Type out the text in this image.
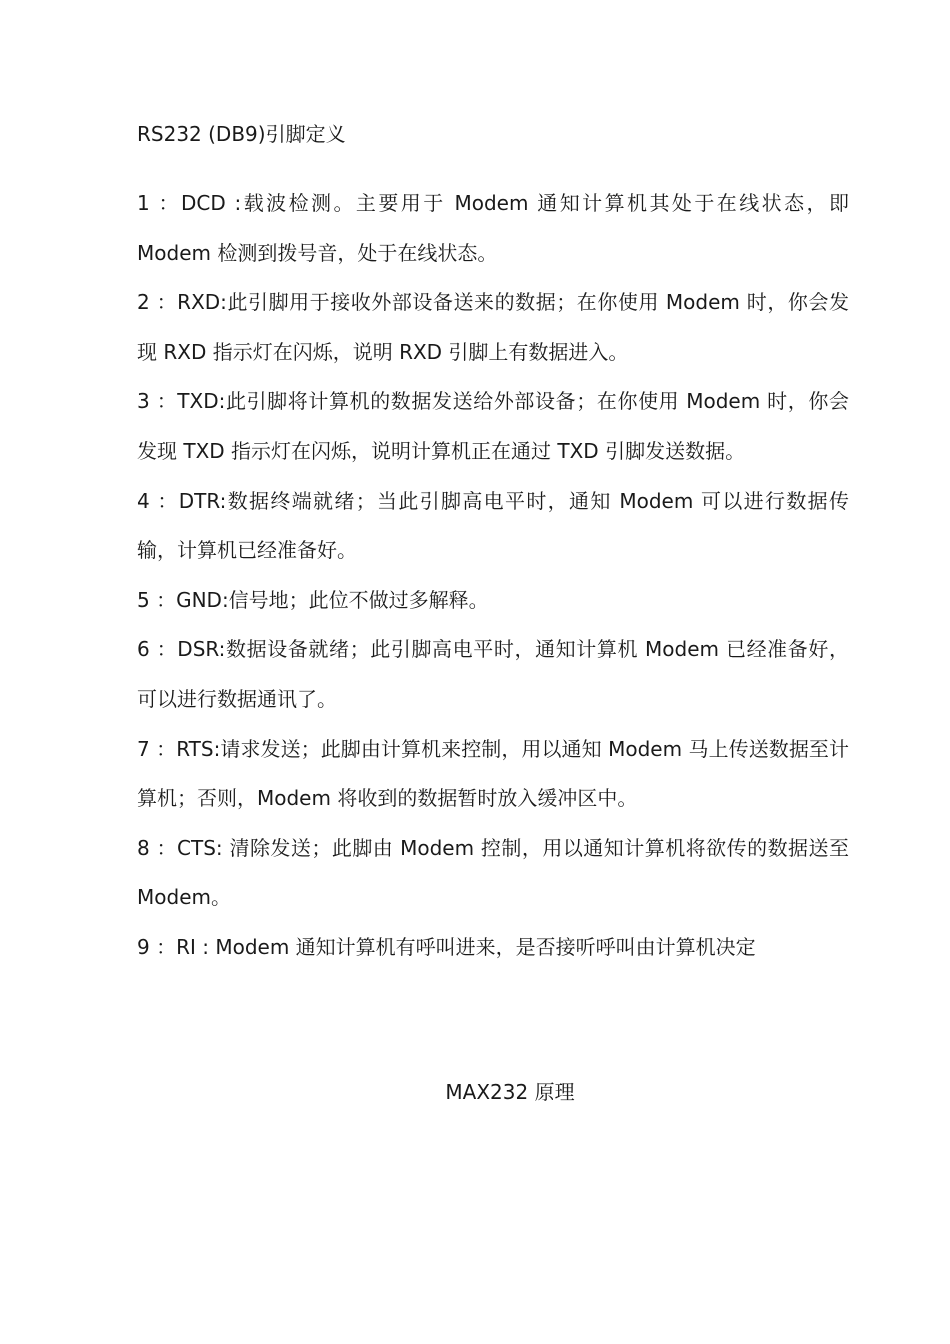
RS232 (DB9)引脚定义
1 ：DCD :载波检测。主要用于 Modem 通知计算机其处于在线状态，即 Modem 检测到拨号音，处于在线状态。
2 ：RXD:此引脚用于接收外部设备送来的数据；在你使用 Modem 时，你会发现 RXD 指示灯在闪烁，说明 RXD 引脚上有数据进入。
3 ：TXD:此引脚将计算机的数据发送给外部设备；在你使用 Modem 时，你会发现 TXD 指示灯在闪烁，说明计算机正在通过 TXD 引脚发送数据。
4 ：DTR:数据终端就绪；当此引脚高电平时，通知 Modem 可以进行数据传输，计算机已经准备好。
5 ：GND:信号地；此位不做过多解释。
6 ：DSR:数据设备就绪；此引脚高电平时，通知计算机 Modem 已经准备好，可以进行数据通讯了。
7 ：RTS:请求发送；此脚由计算机来控制，用以通知 Modem 马上传送数据至计算机；否则，Modem 将收到的数据暂时放入缓冲区中。
8 ：CTS: 清除发送；此脚由 Modem 控制，用以通知计算机将欲传的数据送至 Modem。
9 ：RI : Modem 通知计算机有呼叫进来，是否接听呼叫由计算机决定
MAX232 原理
